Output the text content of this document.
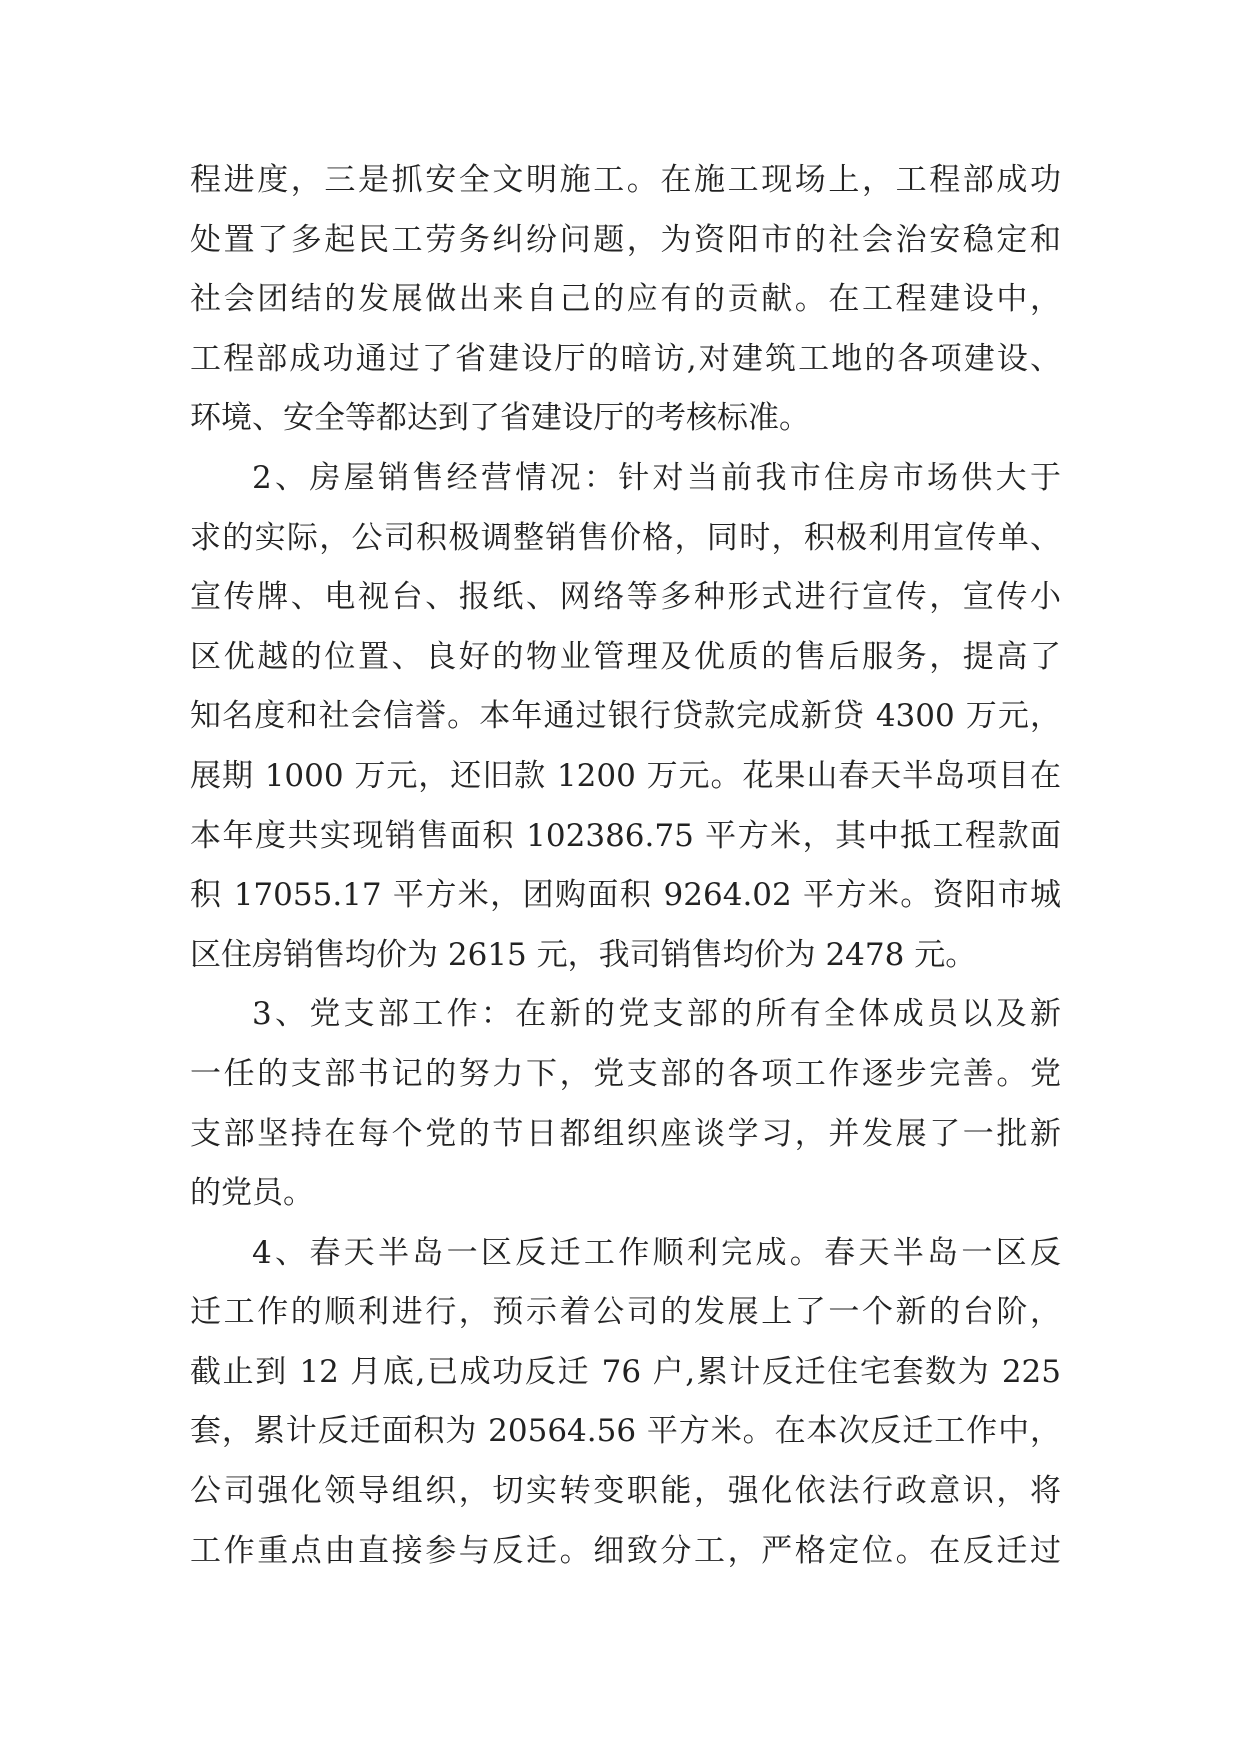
程进度，三是抓安全文明施工。在施工现场上，工程部成功
处置了多起民工劳务纠纷问题，为资阳市的社会治安稳定和
社会团结的发展做出来自己的应有的贡献。在工程建设中，
工程部成功通过了省建设厅的暗访,对建筑工地的各项建设、
环境、安全等都达到了省建设厅的考核标准。
2、房屋销售经营情况：针对当前我市住房市场供大于
求的实际，公司积极调整销售价格，同时，积极利用宣传单、
宣传牌、电视台、报纸、网络等多种形式进行宣传，宣传小
区优越的位置、良好的物业管理及优质的售后服务，提高了
知名度和社会信誉。本年通过银行贷款完成新贷 4300 万元，
展期 1000 万元，还旧款 1200 万元。花果山春天半岛项目在
本年度共实现销售面积 102386.75 平方米，其中抵工程款面
积 17055.17 平方米，团购面积 9264.02 平方米。资阳市城
区住房销售均价为 2615 元，我司销售均价为 2478 元。
3、党支部工作：在新的党支部的所有全体成员以及新
一任的支部书记的努力下，党支部的各项工作逐步完善。党
支部坚持在每个党的节日都组织座谈学习，并发展了一批新
的党员。
4、春天半岛一区反迁工作顺利完成。春天半岛一区反
迁工作的顺利进行，预示着公司的发展上了一个新的台阶，
截止到 12 月底,已成功反迁 76 户,累计反迁住宅套数为 225
套，累计反迁面积为 20564.56 平方米。在本次反迁工作中，
公司强化领导组织，切实转变职能，强化依法行政意识，将
工作重点由直接参与反迁。细致分工，严格定位。在反迁过
